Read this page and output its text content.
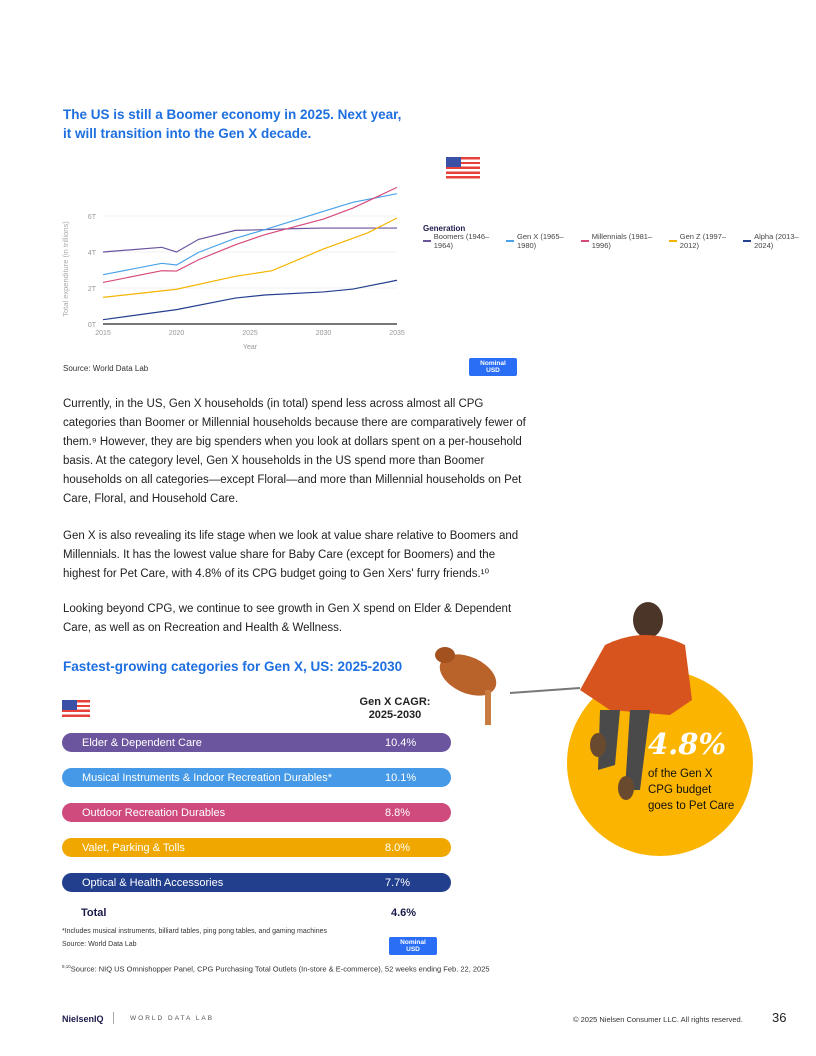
The US is still a Boomer economy in 2025. Next year, it will transition into the Gen X decade.
0T
2T
4T
6T
2015	2020	2025	2030	2035
Year
Total expenditure (in trillions)	Generation
Boomers (1946–1964)
Gen X (1965–1980)
Millennials (1981–1996)
Gen Z (1997–2012)
Alpha (2013–2024)
Source: World Data Lab
Nominal USD
Currently, in the US, Gen X households (in total) spend less across almost all CPG categories than Boomer or Millennial households because there are comparatively fewer of them.⁹ However, they are big spenders when you look at dollars spent on a per-household basis. At the category level, Gen X households in the US spend more than Boomer households on all categories—except Floral—and more than Millennial households on Pet Care, Floral, and Household Care.
Gen X is also revealing its life stage when we look at value share relative to Boomers and Millennials. It has the lowest value share for Baby Care (except for Boomers) and the highest for Pet Care, with 4.8% of its CPG budget going to Gen Xers' furry friends.¹⁰
Looking beyond CPG, we continue to see growth in Gen X spend on Elder & Dependent Care, as well as on Recreation and Health & Wellness.
Fastest-growing categories for Gen X, US: 2025-2030
Gen X CAGR:
2025-2030
Elder & Dependent Care	10.4%
Musical Instruments & Indoor Recreation Durables*	10.1%
Outdoor Recreation Durables	8.8%
Valet, Parking & Tolls	8.0%
Optical & Health Accessories	7.7%
Total	4.6%
*Includes musical instruments, billiard tables, ping pong tables, and gaming machines
Source: World Data Lab	Nominal USD
$^{9,10}$Source: NIQ US Omnishopper Panel, CPG Purchasing Total Outlets (In-store & E-commerce), 52 weeks ending Feb. 22, 2025
4.8%
of the Gen X CPG budget goes to Pet Care
NielsenIQ	WORLD DATA LAB	© 2025 Nielsen Consumer LLC. All rights reserved. 36
